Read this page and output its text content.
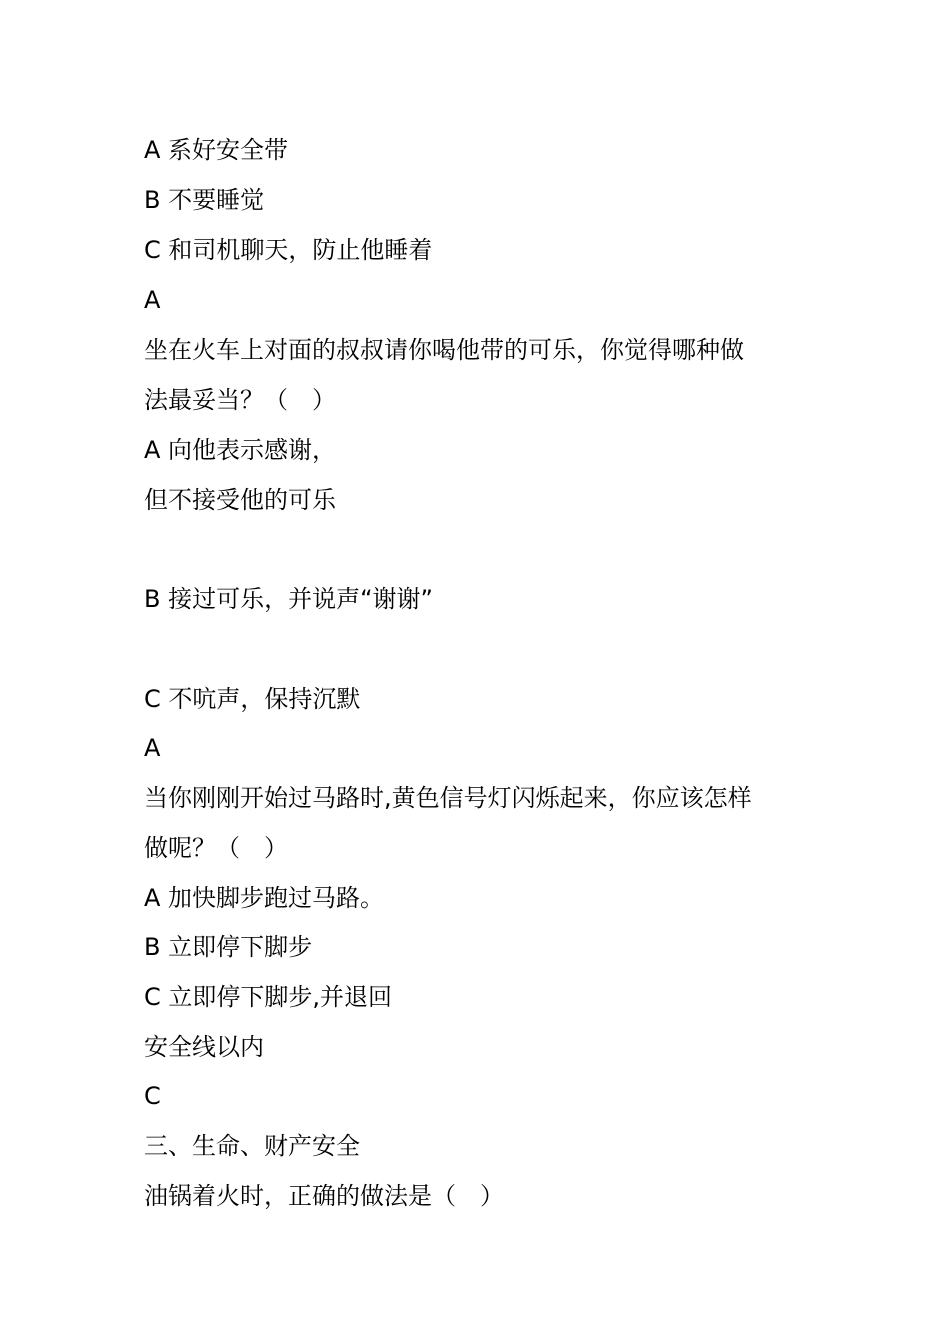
A 系好安全带
B 不要睡觉
C 和司机聊天，防止他睡着
A
坐在火车上对面的叔叔请你喝他带的可乐，你觉得哪种做
法最妥当？（　）
A 向他表示感谢，
但不接受他的可乐
B 接过可乐，并说声“谢谢”
C 不吭声，保持沉默
A
当你刚刚开始过马路时,黄色信号灯闪烁起来，你应该怎样
做呢？（　）
A 加快脚步跑过马路。
B 立即停下脚步
C 立即停下脚步,并退回
安全线以内
C
三、生命、财产安全
油锅着火时，正确的做法是（　）
